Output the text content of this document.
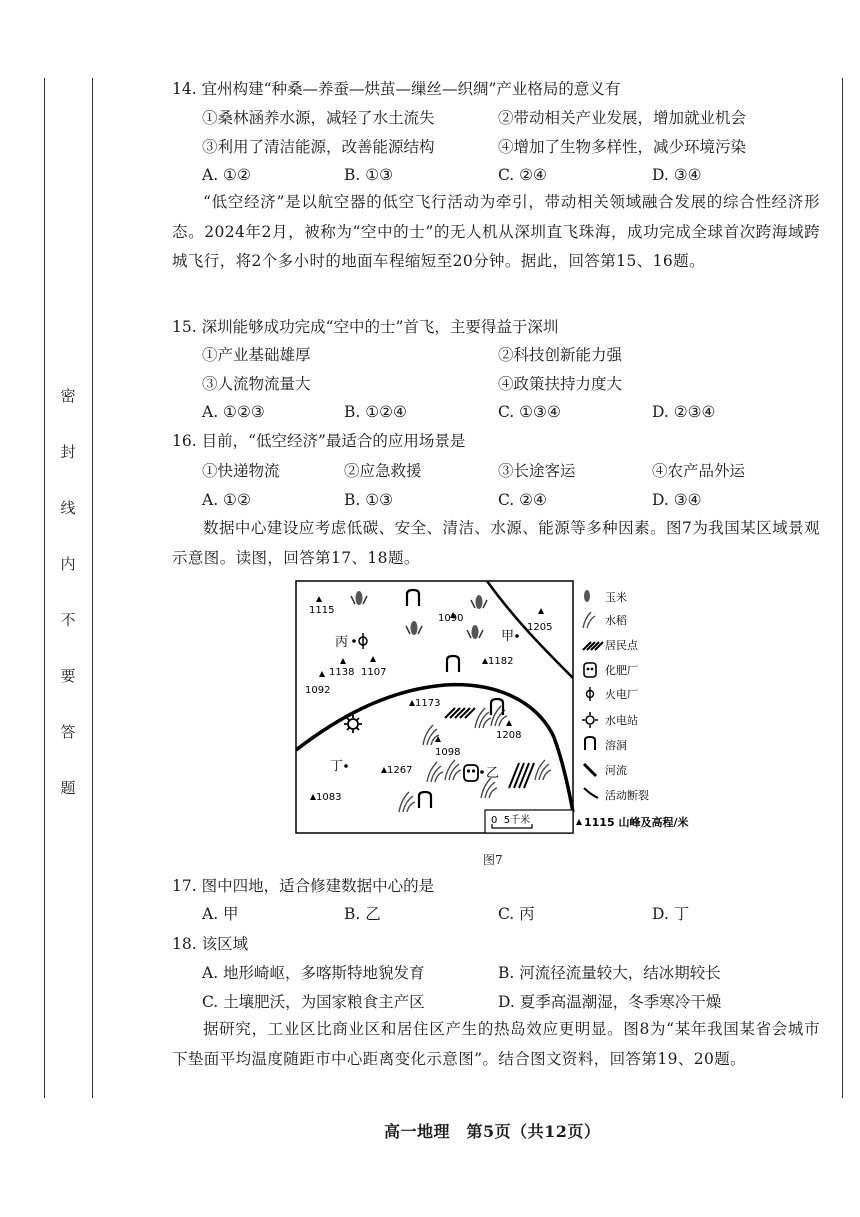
密
封
线
内
不
要
答
题
14. 宜州构建“种桑—养蚕—烘茧—缫丝—织绸”产业格局的意义有
①桑林涵养水源，减轻了水土流失	②带动相关产业发展，增加就业机会
③利用了清洁能源，改善能源结构	④增加了生物多样性，减少环境污染
A. ①②	B. ①③	C. ②④	D. ③④
“低空经济”是以航空器的低空飞行活动为牵引，带动相关领域融合发展的综合性经济形态。2024年2月，被称为“空中的士”的无人机从深圳直飞珠海，成功完成全球首次跨海域跨城飞行，将2个多小时的地面车程缩短至20分钟。据此，回答第15、16题。
15. 深圳能够成功完成“空中的士”首飞，主要得益于深圳
①产业基础雄厚	②科技创新能力强
③人流物流量大	④政策扶持力度大
A. ①②③	B. ①②④	C. ①③④	D. ②③④
16. 目前，“低空经济”最适合的应用场景是
①快递物流	②应急救援	③长途客运	④农产品外运
A. ①②	B. ①③	C. ②④	D. ③④
数据中心建设应考虑低碳、安全、清洁、水源、能源等多种因素。图7为我国某区域景观示意图。读图，回答第17、18题。
1115
1090
1205
1138 1107
1092
1182
1173
1208
1098
1267
1083
丙	甲
丁	乙
0  5千米
玉米
水稻
居民点
化肥厂
火电厂
水电站
溶洞
河流
活动断裂
1115 山峰及高程/米
图7
17. 图中四地，适合修建数据中心的是
A. 甲	B. 乙	C. 丙	D. 丁
18. 该区域
A. 地形崎岖，多喀斯特地貌发育	B. 河流径流量较大，结冰期较长
C. 土壤肥沃，为国家粮食主产区	D. 夏季高温潮湿，冬季寒冷干燥
据研究，工业区比商业区和居住区产生的热岛效应更明显。图8为“某年我国某省会城市下垫面平均温度随距市中心距离变化示意图”。结合图文资料，回答第19、20题。
高一地理　第5页（共12页）
